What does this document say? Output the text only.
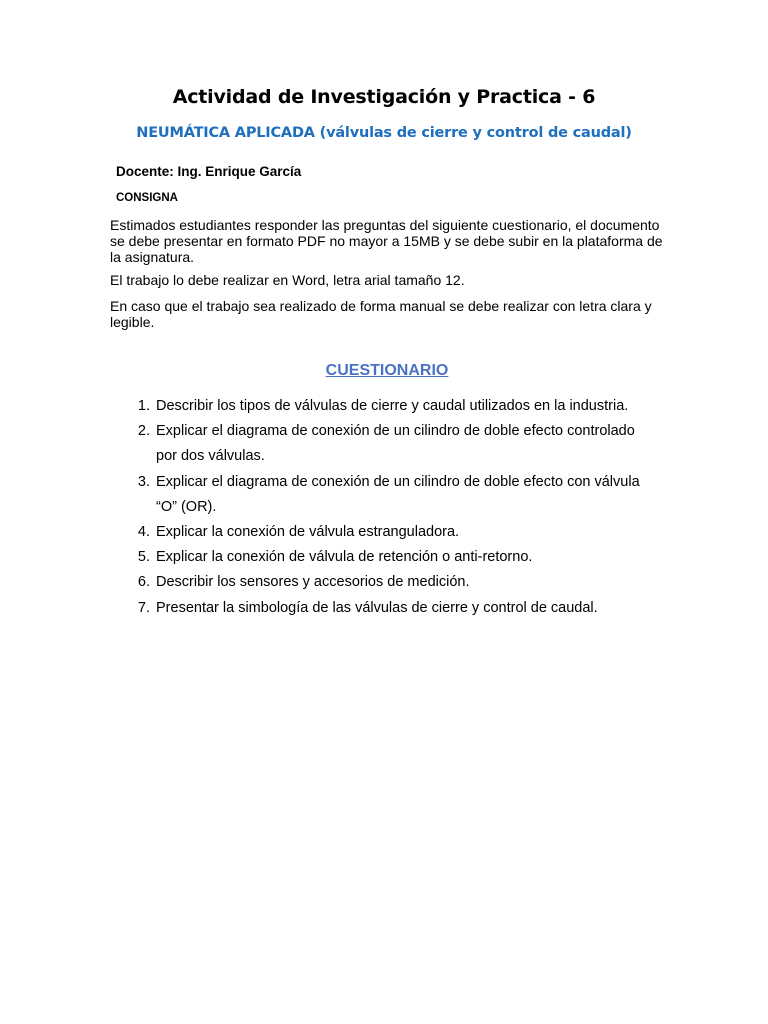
Actividad de Investigación y Practica - 6
NEUMÁTICA APLICADA (válvulas de cierre y control de caudal)
Docente: Ing. Enrique García
CONSIGNA
Estimados estudiantes responder las preguntas del siguiente cuestionario, el documento se debe presentar en formato PDF no mayor a 15MB y se debe subir en la plataforma de la asignatura.
El trabajo lo debe realizar en Word, letra arial tamaño 12.
En caso que el trabajo sea realizado de forma manual se debe realizar con letra clara y legible.
CUESTIONARIO
1. Describir los tipos de válvulas de cierre y caudal utilizados en la industria.
2. Explicar el diagrama de conexión de un cilindro de doble efecto controlado por dos válvulas.
3. Explicar el diagrama de conexión de un cilindro de doble efecto con válvula “O” (OR).
4. Explicar la conexión de válvula estranguladora.
5. Explicar la conexión de válvula de retención o anti-retorno.
6. Describir los sensores y accesorios de medición.
7. Presentar la simbología de las válvulas de cierre y control de caudal.
